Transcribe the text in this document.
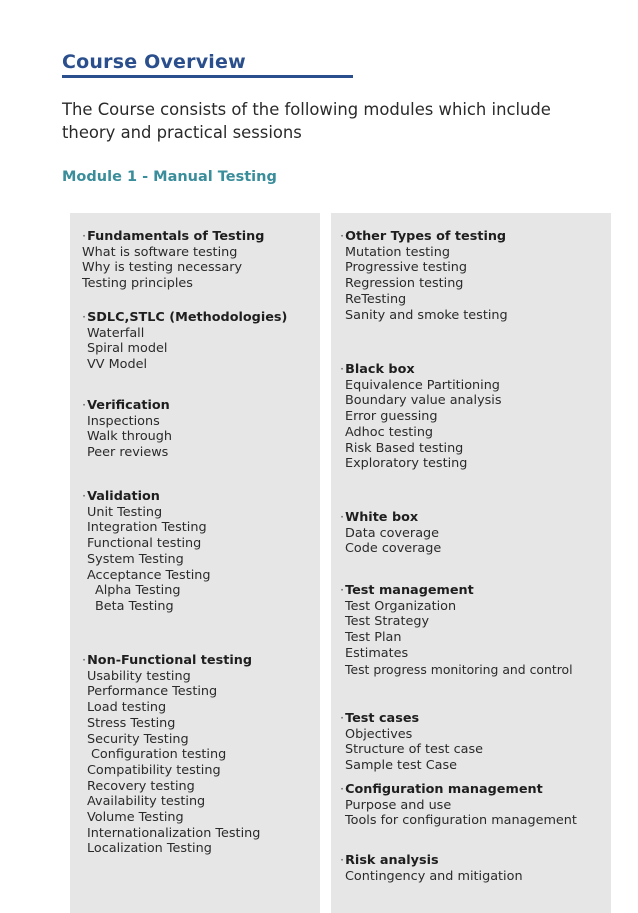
Course Overview
The Course consists of the following modules which include theory and practical sessions
Module 1 - Manual Testing
·Fundamentals of Testing
What is software testing
Why is testing necessary
Testing principles
·SDLC,STLC (Methodologies)
Waterfall
Spiral model
VV Model
·Verification
Inspections
Walk through
Peer reviews
·Validation
Unit Testing
Integration Testing
Functional testing
System Testing
Acceptance Testing
Alpha Testing
Beta Testing
·Non-Functional testing
Usability testing
Performance Testing
Load testing
Stress Testing
Security Testing
Configuration testing
Compatibility testing
Recovery testing
Availability testing
Volume Testing
Internationalization Testing
Localization Testing
·Other Types of testing
Mutation testing
Progressive testing
Regression testing
ReTesting
Sanity and smoke testing
·Black box
Equivalence Partitioning
Boundary value analysis
Error guessing
Adhoc testing
Risk Based testing
Exploratory testing
·White box
Data coverage
Code coverage
·Test management
Test Organization
Test Strategy
Test Plan
Estimates
Test progress monitoring and control
·Test cases
Objectives
Structure of test case
Sample test Case
·Configuration management
Purpose and use
Tools for configuration management
·Risk analysis
Contingency and mitigation
